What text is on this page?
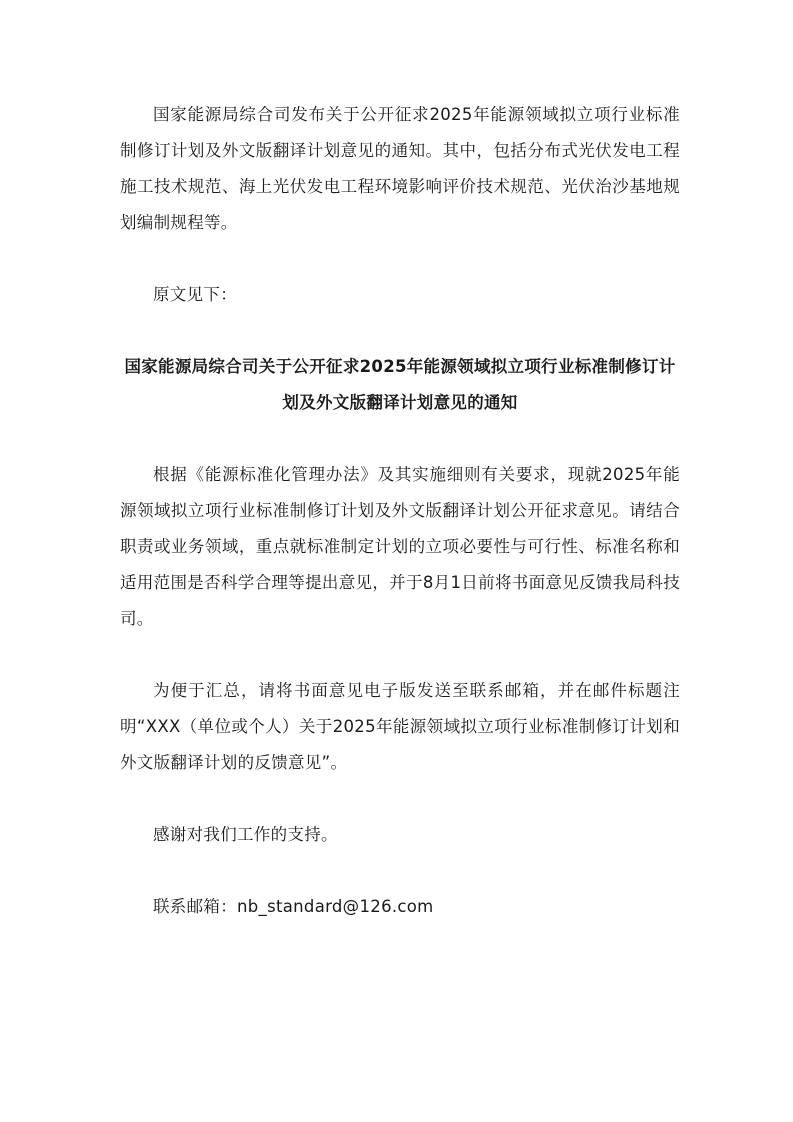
国家能源局综合司发布关于公开征求2025年能源领域拟立项行业标准制修订计划及外文版翻译计划意见的通知。其中，包括分布式光伏发电工程施工技术规范、海上光伏发电工程环境影响评价技术规范、光伏治沙基地规划编制规程等。

原文见下：

国家能源局综合司关于公开征求2025年能源领域拟立项行业标准制修订计划及外文版翻译计划意见的通知

根据《能源标准化管理办法》及其实施细则有关要求，现就2025年能源领域拟立项行业标准制修订计划及外文版翻译计划公开征求意见。请结合职责或业务领域，重点就标准制定计划的立项必要性与可行性、标准名称和适用范围是否科学合理等提出意见，并于8月1日前将书面意见反馈我局科技司。

为便于汇总，请将书面意见电子版发送至联系邮箱，并在邮件标题注明“XXX（单位或个人）关于2025年能源领域拟立项行业标准制修订计划和外文版翻译计划的反馈意见”。

感谢对我们工作的支持。

联系邮箱：nb_standard@126.com
